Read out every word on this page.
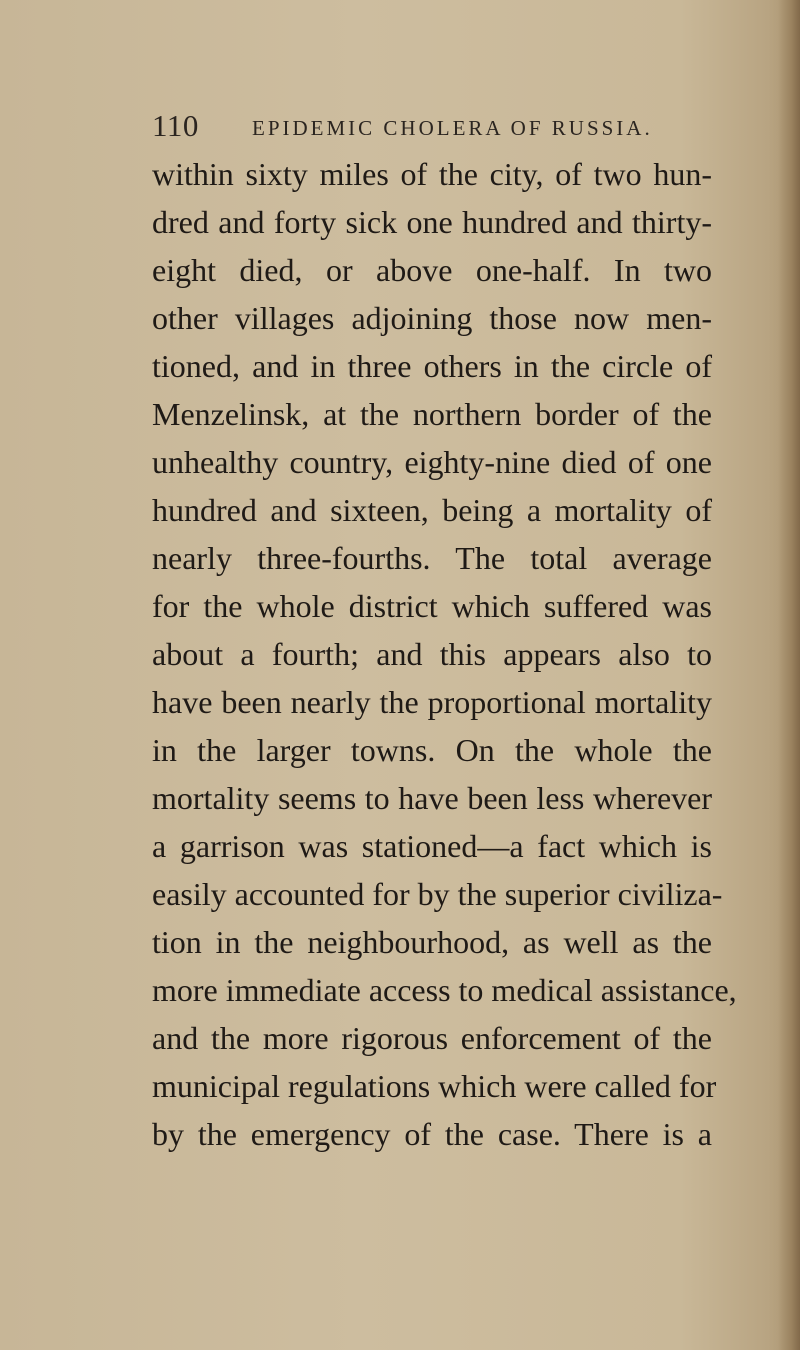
110	EPIDEMIC CHOLERA OF RUSSIA.
within sixty miles of the city, of two hun-
dred and forty sick one hundred and thirty-
eight died, or above one-half. In two
other villages adjoining those now men-
tioned, and in three others in the circle of
Menzelinsk, at the northern border of the
unhealthy country, eighty-nine died of one
hundred and sixteen, being a mortality of
nearly three-fourths. The total average
for the whole district which suffered was
about a fourth; and this appears also to
have been nearly the proportional mortality
in the larger towns. On the whole the
mortality seems to have been less wherever
a garrison was stationed—a fact which is
easily accounted for by the superior civiliza-
tion in the neighbourhood, as well as the
more immediate access to medical assistance,
and the more rigorous enforcement of the
municipal regulations which were called for
by the emergency of the case. There is a
